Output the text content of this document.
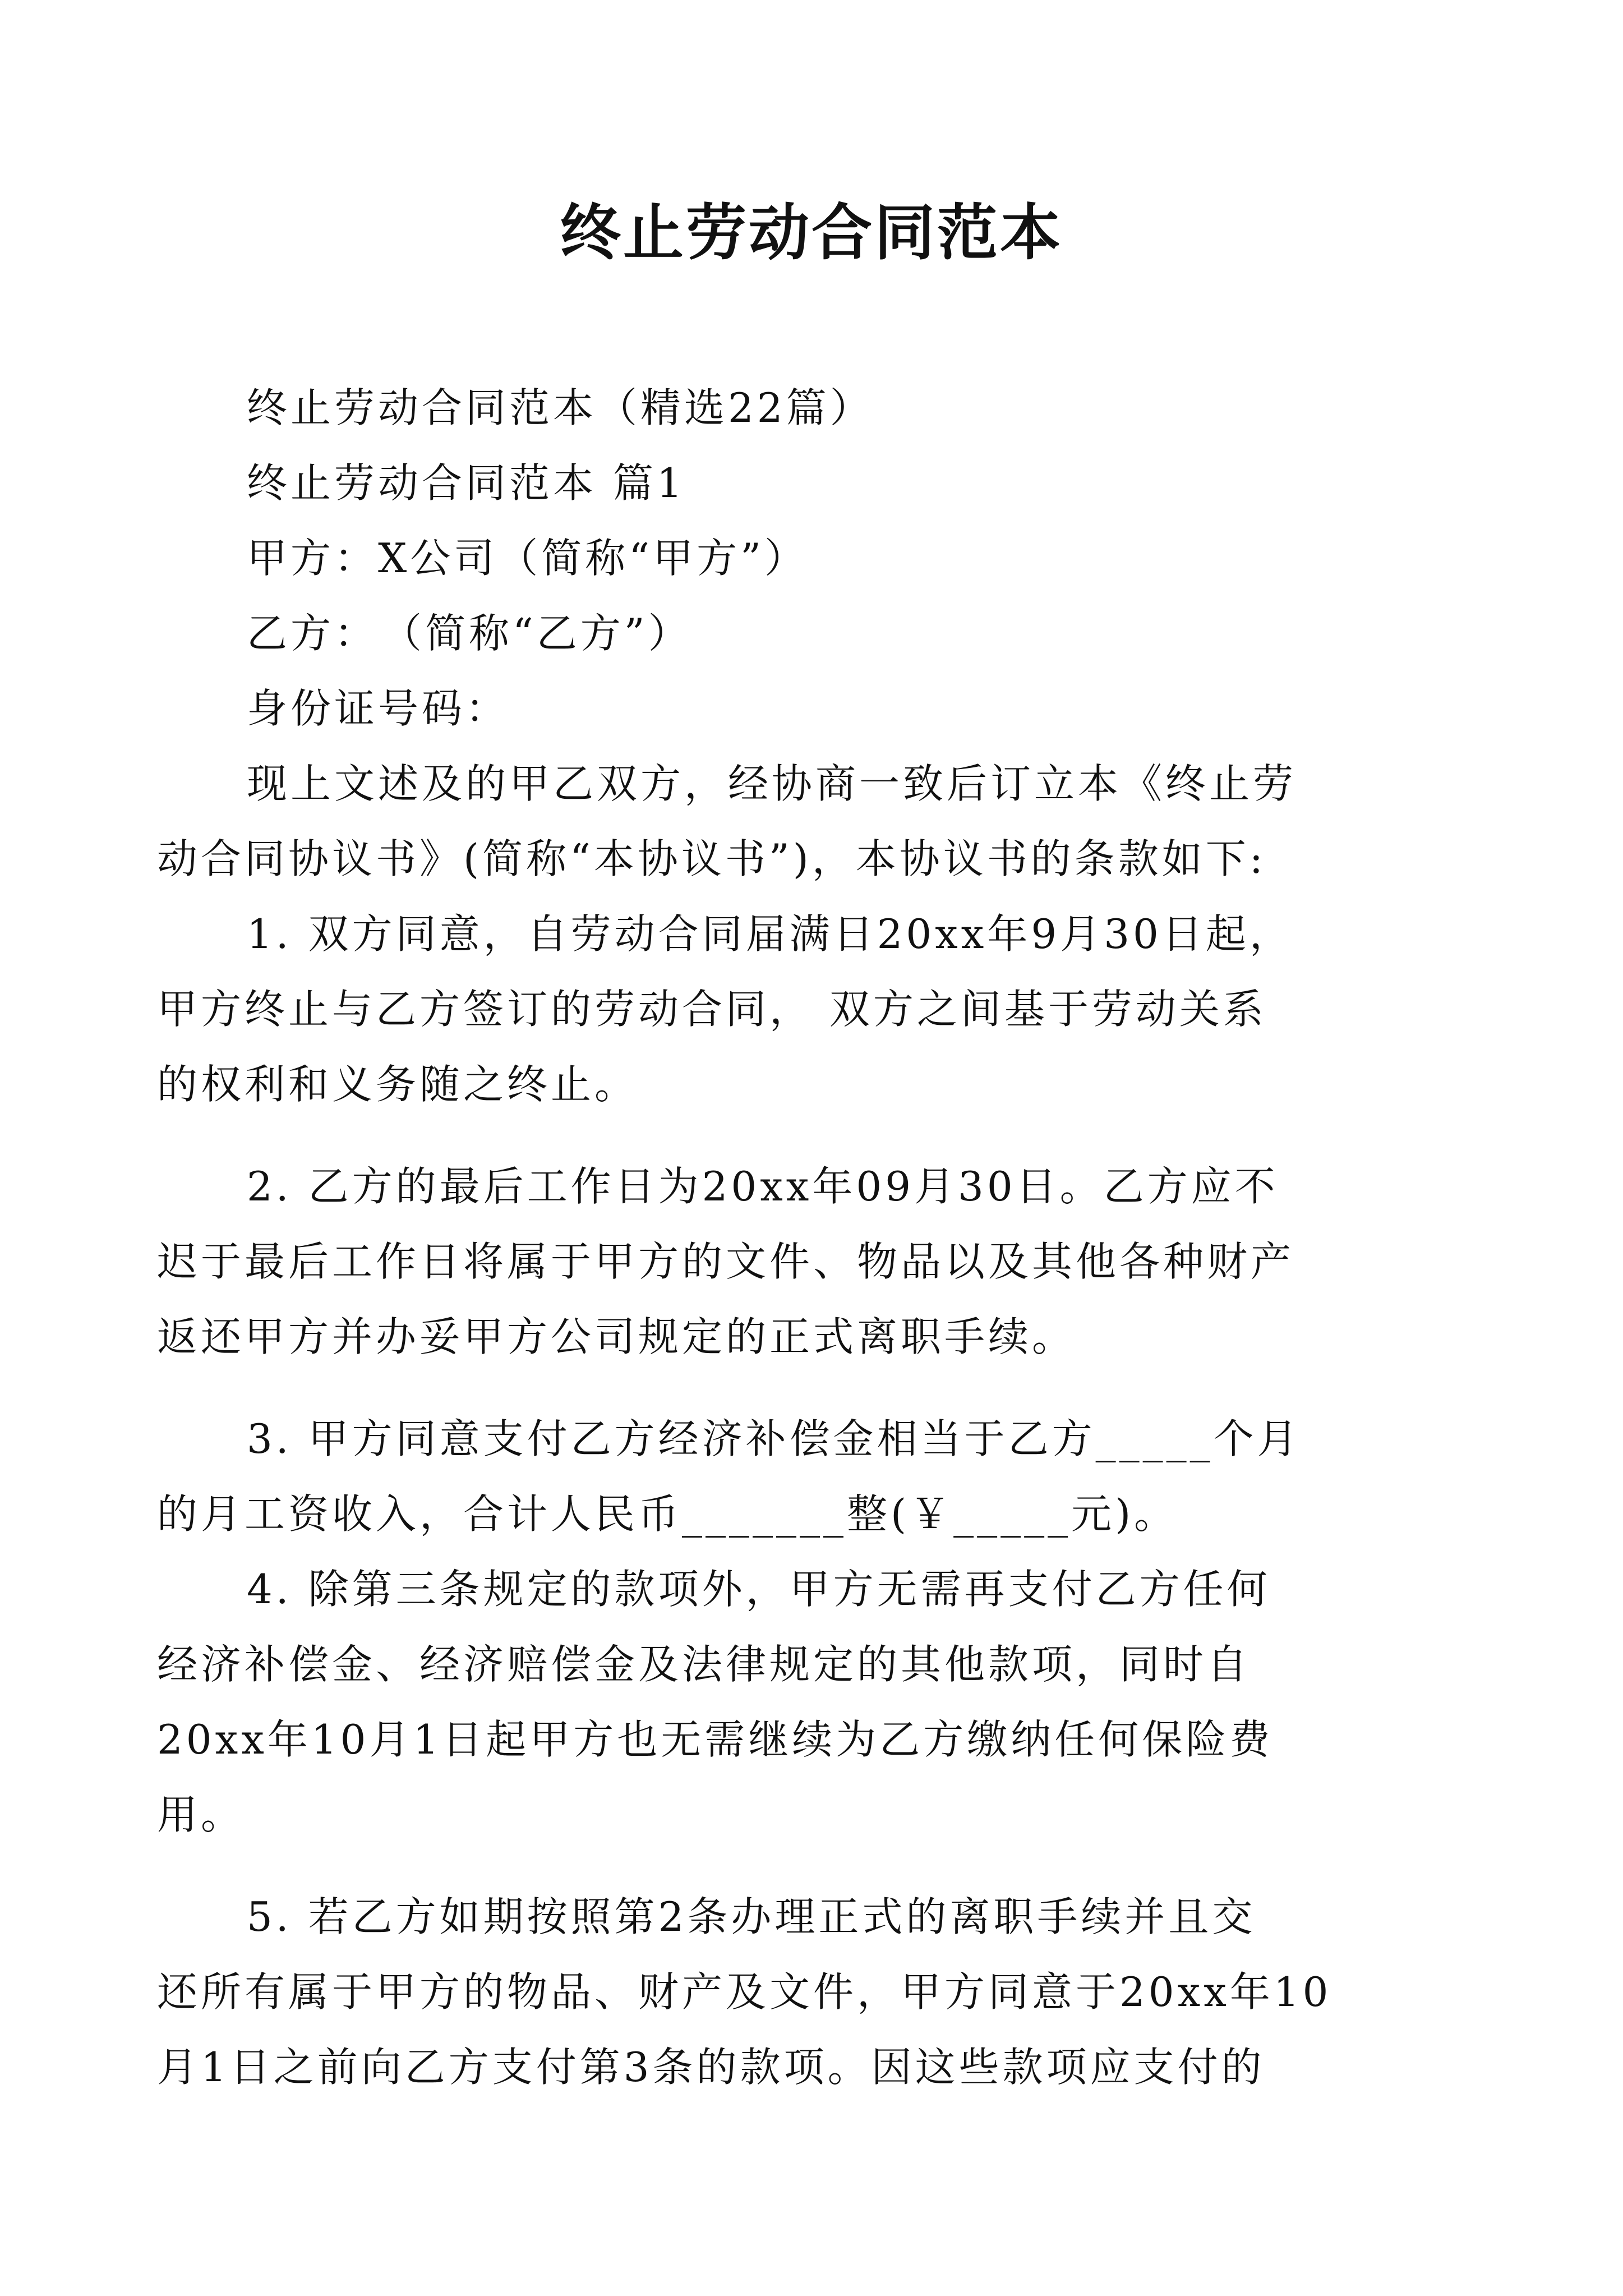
终止劳动合同范本

终止劳动合同范本（精选22篇）

终止劳动合同范本 篇1

甲方：X公司（简称“甲方”）

乙方：　（简称“乙方”）

身份证号码：

现上文述及的甲乙双方，经协商一致后订立本《终止劳

动合同协议书》(简称“本协议书”)，本协议书的条款如下:

1. 双方同意，自劳动合同届满日20xx年9月30日起，

甲方终止与乙方签订的劳动合同， 双方之间基于劳动关系

的权利和义务随之终止。

2. 乙方的最后工作日为20xx年09月30日。乙方应不

迟于最后工作日将属于甲方的文件、物品以及其他各种财产

返还甲方并办妥甲方公司规定的正式离职手续。

3. 甲方同意支付乙方经济补偿金相当于乙方_____个月

的月工资收入，合计人民币_______整(￥_____元)。

4. 除第三条规定的款项外，甲方无需再支付乙方任何

经济补偿金、经济赔偿金及法律规定的其他款项，同时自

20xx年10月1日起甲方也无需继续为乙方缴纳任何保险费

用。

5. 若乙方如期按照第2条办理正式的离职手续并且交

还所有属于甲方的物品、财产及文件，甲方同意于20xx年10

月1日之前向乙方支付第3条的款项。因这些款项应支付的
